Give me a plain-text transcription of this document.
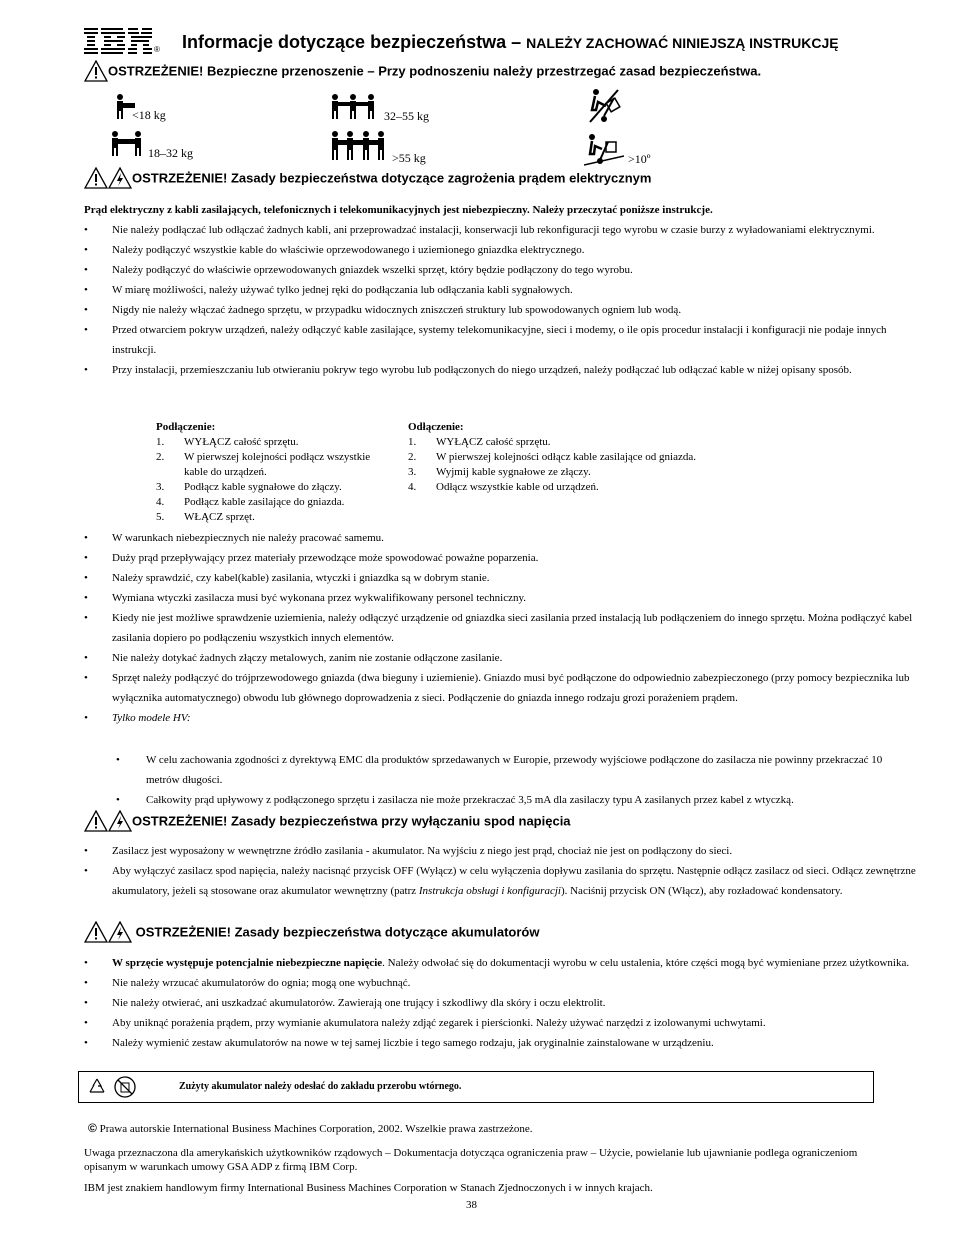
® Informacje dotyczące bezpieczeństwa – NALEŻY ZACHOWAĆ NINIEJSZĄ INSTRUKCJĘ
OSTRZEŻENIE! Bezpieczne przenoszenie – Przy podnoszeniu należy przestrzegać zasad bezpieczeństwa.
<18 kg
18–32 kg
32–55 kg
>55 kg	>10º
OSTRZEŻENIE! Zasady bezpieczeństwa dotyczące zagrożenia prądem elektrycznym
Prąd elektryczny z kabli zasilających, telefonicznych i telekomunikacyjnych jest niebezpieczny. Należy przeczytać poniższe instrukcje.
• Nie należy podłączać lub odłączać żadnych kabli, ani przeprowadzać instalacji, konserwacji lub rekonfiguracji tego wyrobu w czasie burzy z wyładowaniami elektrycznymi.
• Należy podłączyć wszystkie kable do właściwie oprzewodowanego i uziemionego gniazdka elektrycznego.
• Należy podłączyć do właściwie oprzewodowanych gniazdek wszelki sprzęt, który będzie podłączony do tego wyrobu.
• W miarę możliwości, należy używać tylko jednej ręki do podłączania lub odłączania kabli sygnałowych.
• Nigdy nie należy włączać żadnego sprzętu, w przypadku widocznych zniszczeń struktury lub spowodowanych ogniem lub wodą.
• Przed otwarciem pokryw urządzeń, należy odłączyć kable zasilające, systemy telekomunikacyjne, sieci i modemy, o ile opis procedur instalacji i konfiguracji nie podaje innych instrukcji.
• Przy instalacji, przemieszczaniu lub otwieraniu pokryw tego wyrobu lub podłączonych do niego urządzeń, należy podłączać lub odłączać kable w niżej opisany sposób.
Podłączenie:
1.	WYŁĄCZ całość sprzętu.
2.	W pierwszej kolejności podłącz wszystkie kable do urządzeń.
3.	Podłącz kable sygnałowe do złączy.
4.	Podłącz kable zasilające do gniazda.
5.	WŁĄCZ sprzęt.
Odłączenie:
1.	WYŁĄCZ całość sprzętu.
2.	W pierwszej kolejności odłącz kable zasilające od gniazda.
3.	Wyjmij kable sygnałowe ze złączy.
4.	Odłącz wszystkie kable od urządzeń.
• W warunkach niebezpiecznych nie należy pracować samemu.
• Duży prąd przepływający przez materiały przewodzące może spowodować poważne poparzenia.
• Należy sprawdzić, czy kabel(kable) zasilania, wtyczki i gniazdka są w dobrym stanie.
• Wymiana wtyczki zasilacza musi być wykonana przez wykwalifikowany personel techniczny.
• Kiedy nie jest możliwe sprawdzenie uziemienia, należy odłączyć urządzenie od gniazdka sieci zasilania przed instalacją lub podłączeniem do innego sprzętu. Można podłączyć kabel zasilania dopiero po podłączeniu wszystkich innych elementów.
• Nie należy dotykać żadnych złączy metalowych, zanim nie zostanie odłączone zasilanie.
• Sprzęt należy podłączyć do trójprzewodowego gniazda (dwa bieguny i uziemienie). Gniazdo musi być podłączone do odpowiednio zabezpieczonego (przy pomocy bezpiecznika lub wyłącznika automatycznego) obwodu lub głównego doprowadzenia z sieci. Podłączenie do gniazda innego rodzaju grozi porażeniem prądem.
• Tylko modele HV:
• W celu zachowania zgodności z dyrektywą EMC dla produktów sprzedawanych w Europie, przewody wyjściowe podłączone do zasilacza nie powinny przekraczać 10 metrów długości.
• Całkowity prąd upływowy z podłączonego sprzętu i zasilacza nie może przekraczać 3,5 mA dla zasilaczy typu A zasilanych przez kabel z wtyczką.
OSTRZEŻENIE! Zasady bezpieczeństwa przy wyłączaniu spod napięcia
• Zasilacz jest wyposażony w wewnętrzne źródło zasilania - akumulator. Na wyjściu z niego jest prąd, chociaż nie jest on podłączony do sieci.
• Aby wyłączyć zasilacz spod napięcia, należy nacisnąć przycisk OFF (Wyłącz) w celu wyłączenia dopływu zasilania do sprzętu. Następnie odłącz zasilacz od sieci. Odłącz zewnętrzne akumulatory, jeżeli są stosowane oraz akumulator wewnętrzny (patrz Instrukcja obsługi i konfiguracji). Naciśnij przycisk ON (Włącz), aby rozładować kondensatory.
OSTRZEŻENIE! Zasady bezpieczeństwa dotyczące akumulatorów
• W sprzęcie występuje potencjalnie niebezpieczne napięcie. Należy odwołać się do dokumentacji wyrobu w celu ustalenia, które części mogą być wymieniane przez użytkownika.
• Nie należy wrzucać akumulatorów do ognia; mogą one wybuchnąć.
• Nie należy otwierać, ani uszkadzać akumulatorów. Zawierają one trujący i szkodliwy dla skóry i oczu elektrolit.
• Aby uniknąć porażenia prądem, przy wymianie akumulatora należy zdjąć zegarek i pierścionki. Należy używać narzędzi z izolowanymi uchwytami.
• Należy wymienić zestaw akumulatorów na nowe w tej samej liczbie i tego samego rodzaju, jak oryginalnie zainstalowane w urządzeniu.
Zużyty akumulator należy odesłać do zakładu przerobu wtórnego.
© Prawa autorskie International Business Machines Corporation, 2002. Wszelkie prawa zastrzeżone.
Uwaga przeznaczona dla amerykańskich użytkowników rządowych – Dokumentacja dotycząca ograniczenia praw – Użycie, powielanie lub ujawnianie podlega ograniczeniom opisanym w warunkach umowy GSA ADP z firmą IBM Corp.
IBM jest znakiem handlowym firmy International Business Machines Corporation w Stanach Zjednoczonych i w innych krajach.
38
